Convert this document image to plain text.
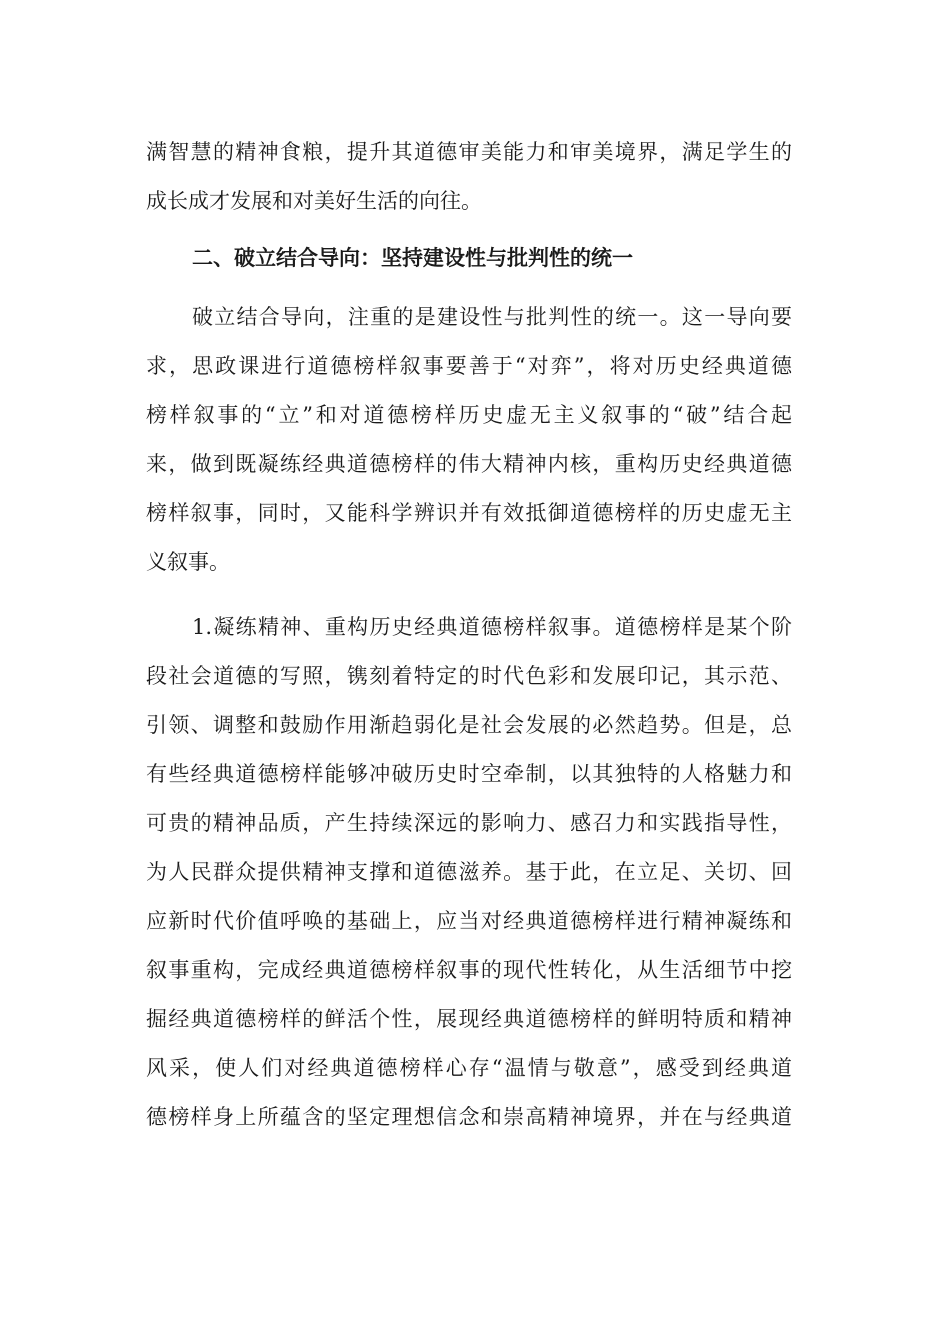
满智慧的精神食粮，提升其道德审美能力和审美境界，满足学生的
成长成才发展和对美好生活的向往。
二、破立结合导向：坚持建设性与批判性的统一
破立结合导向，注重的是建设性与批判性的统一。这一导向要
求，思政课进行道德榜样叙事要善于“对弈”，将对历史经典道德
榜样叙事的“立”和对道德榜样历史虚无主义叙事的“破”结合起
来，做到既凝练经典道德榜样的伟大精神内核，重构历史经典道德
榜样叙事，同时，又能科学辨识并有效抵御道德榜样的历史虚无主
义叙事。
1.凝练精神、重构历史经典道德榜样叙事。道德榜样是某个阶
段社会道德的写照，镌刻着特定的时代色彩和发展印记，其示范、
引领、调整和鼓励作用渐趋弱化是社会发展的必然趋势。但是，总
有些经典道德榜样能够冲破历史时空牵制，以其独特的人格魅力和
可贵的精神品质，产生持续深远的影响力、感召力和实践指导性，
为人民群众提供精神支撑和道德滋养。基于此，在立足、关切、回
应新时代价值呼唤的基础上，应当对经典道德榜样进行精神凝练和
叙事重构，完成经典道德榜样叙事的现代性转化，从生活细节中挖
掘经典道德榜样的鲜活个性，展现经典道德榜样的鲜明特质和精神
风采，使人们对经典道德榜样心存“温情与敬意”，感受到经典道
德榜样身上所蕴含的坚定理想信念和崇高精神境界，并在与经典道
